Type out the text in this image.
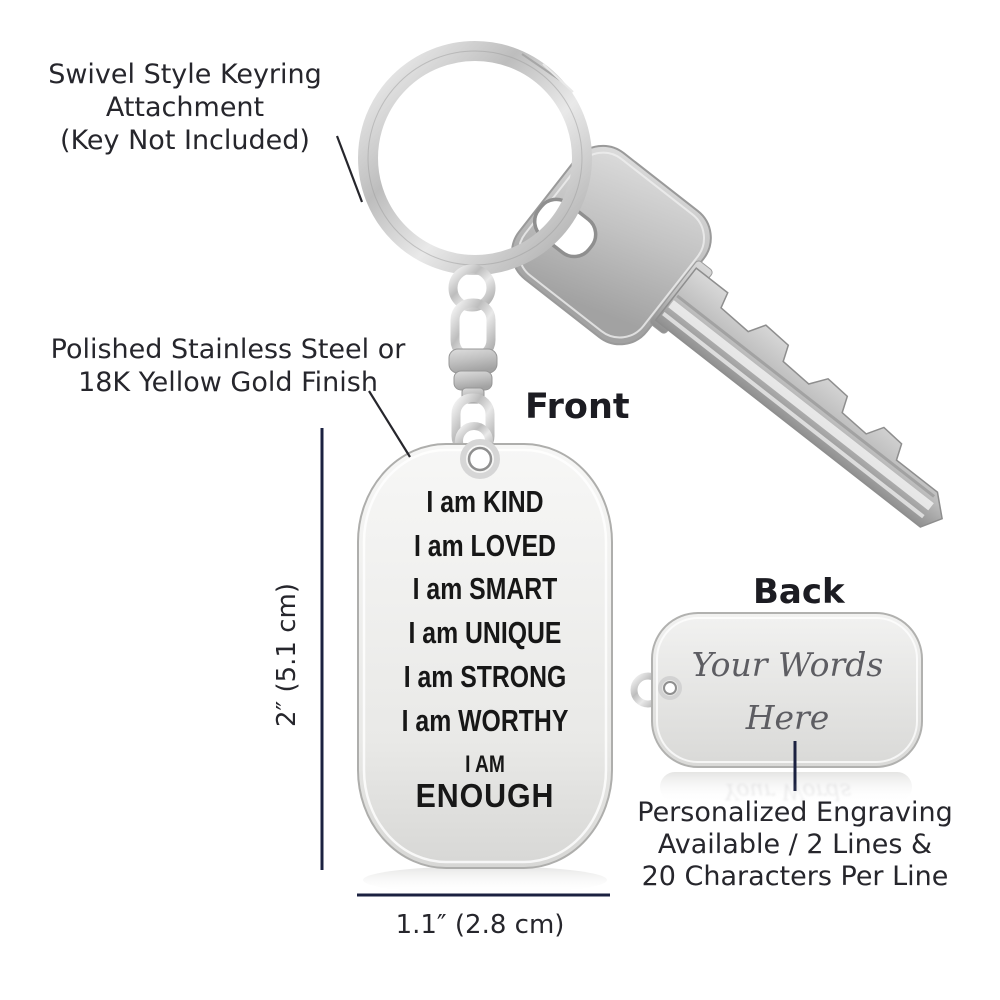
Swivel Style Keyring
Attachment
(Key Not Included)
Polished Stainless Steel or
18K Yellow Gold Finish
Front
Back
Personalized Engraving
Available / 2 Lines &
20 Characters Per Line
I am KIND
I am LOVED
I am SMART
I am UNIQUE
I am STRONG
I am WORTHY
I AM
ENOUGH
Your Words
Here
Your Words
2″ (5.1 cm)
1.1″ (2.8 cm)
